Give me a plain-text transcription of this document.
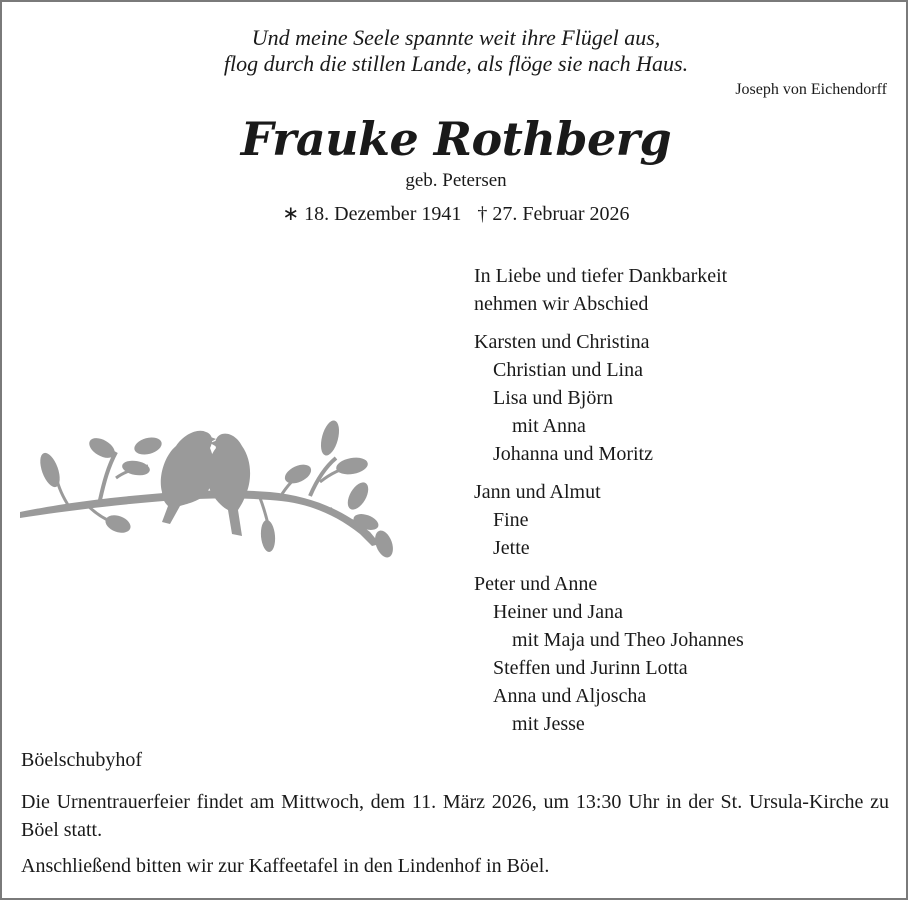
Und meine Seele spannte weit ihre Flügel aus,
flog durch die stillen Lande, als flöge sie nach Haus.
Joseph von Eichendorff
Frauke Rothberg
geb. Petersen
∗ 18. Dezember 1941 † 27. Februar 2026
In Liebe und tiefer Dankbarkeit
nehmen wir Abschied
Karsten und Christina
Christian und Lina
Lisa und Björn
mit Anna
Johanna und Moritz
Jann und Almut
Fine
Jette
Peter und Anne
Heiner und Jana
mit Maja und Theo Johannes
Steffen und Jurinn Lotta
Anna und Aljoscha
mit Jesse
Böelschubyhof
Die Urnentrauerfeier findet am Mittwoch, dem 11. März 2026, um 13:30 Uhr in der St. Ursula-Kirche zu Böel statt.
Anschließend bitten wir zur Kaffeetafel in den Lindenhof in Böel.
